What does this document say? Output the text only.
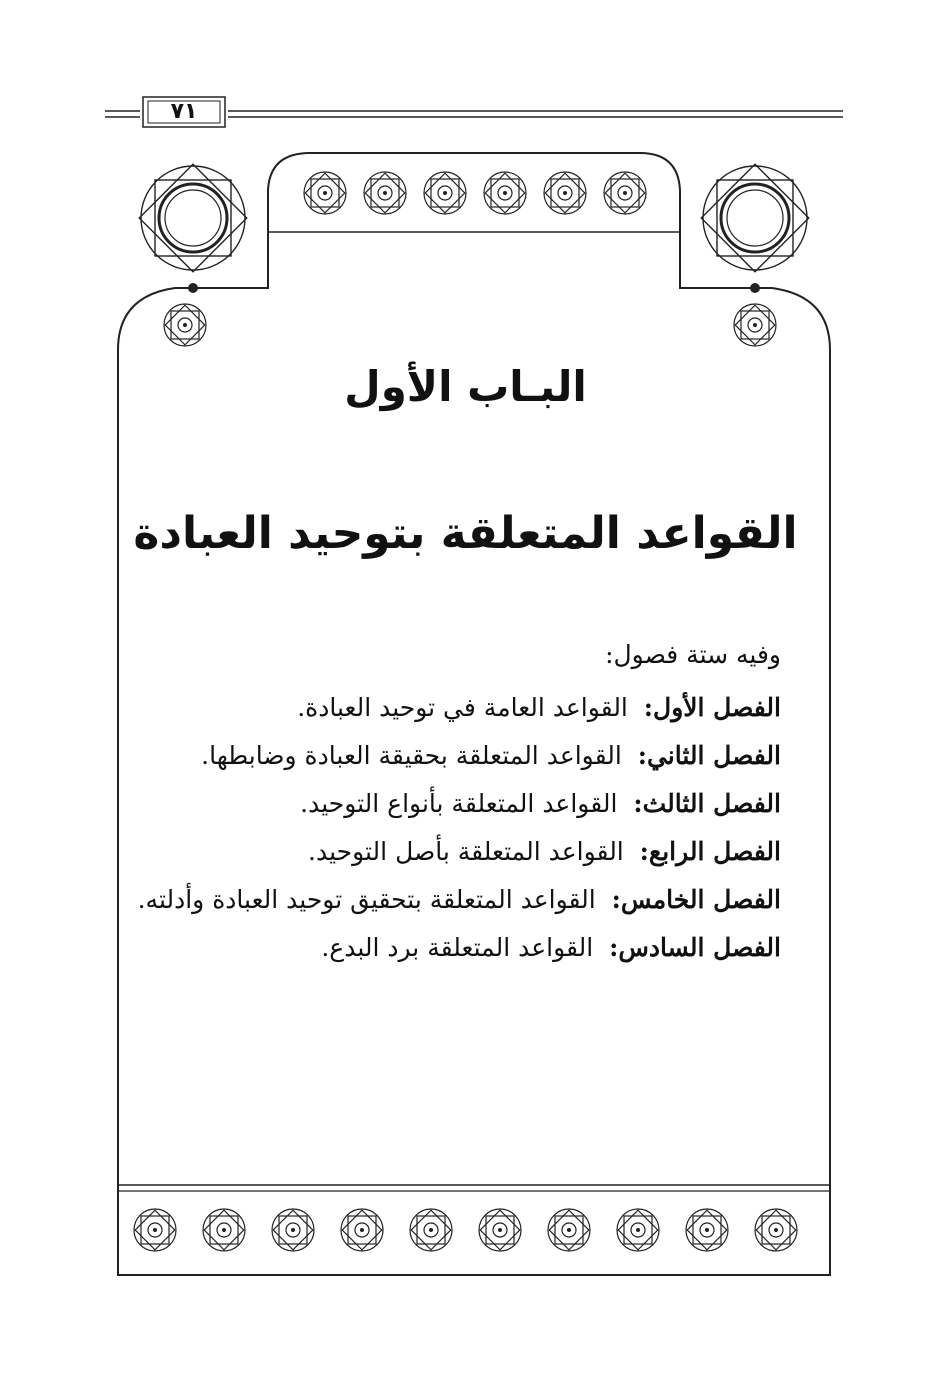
٧١
البـاب الأول
القواعد المتعلقة بتوحيد العبادة
وفيه ستة فصول:
الفصل الأول:  القواعد العامة في توحيد العبادة.
الفصل الثاني:  القواعد المتعلقة بحقيقة العبادة وضابطها.
الفصل الثالث:  القواعد المتعلقة بأنواع التوحيد.
الفصل الرابع:  القواعد المتعلقة بأصل التوحيد.
الفصل الخامس:  القواعد المتعلقة بتحقيق توحيد العبادة وأدلته.
الفصل السادس:  القواعد المتعلقة برد البدع.
